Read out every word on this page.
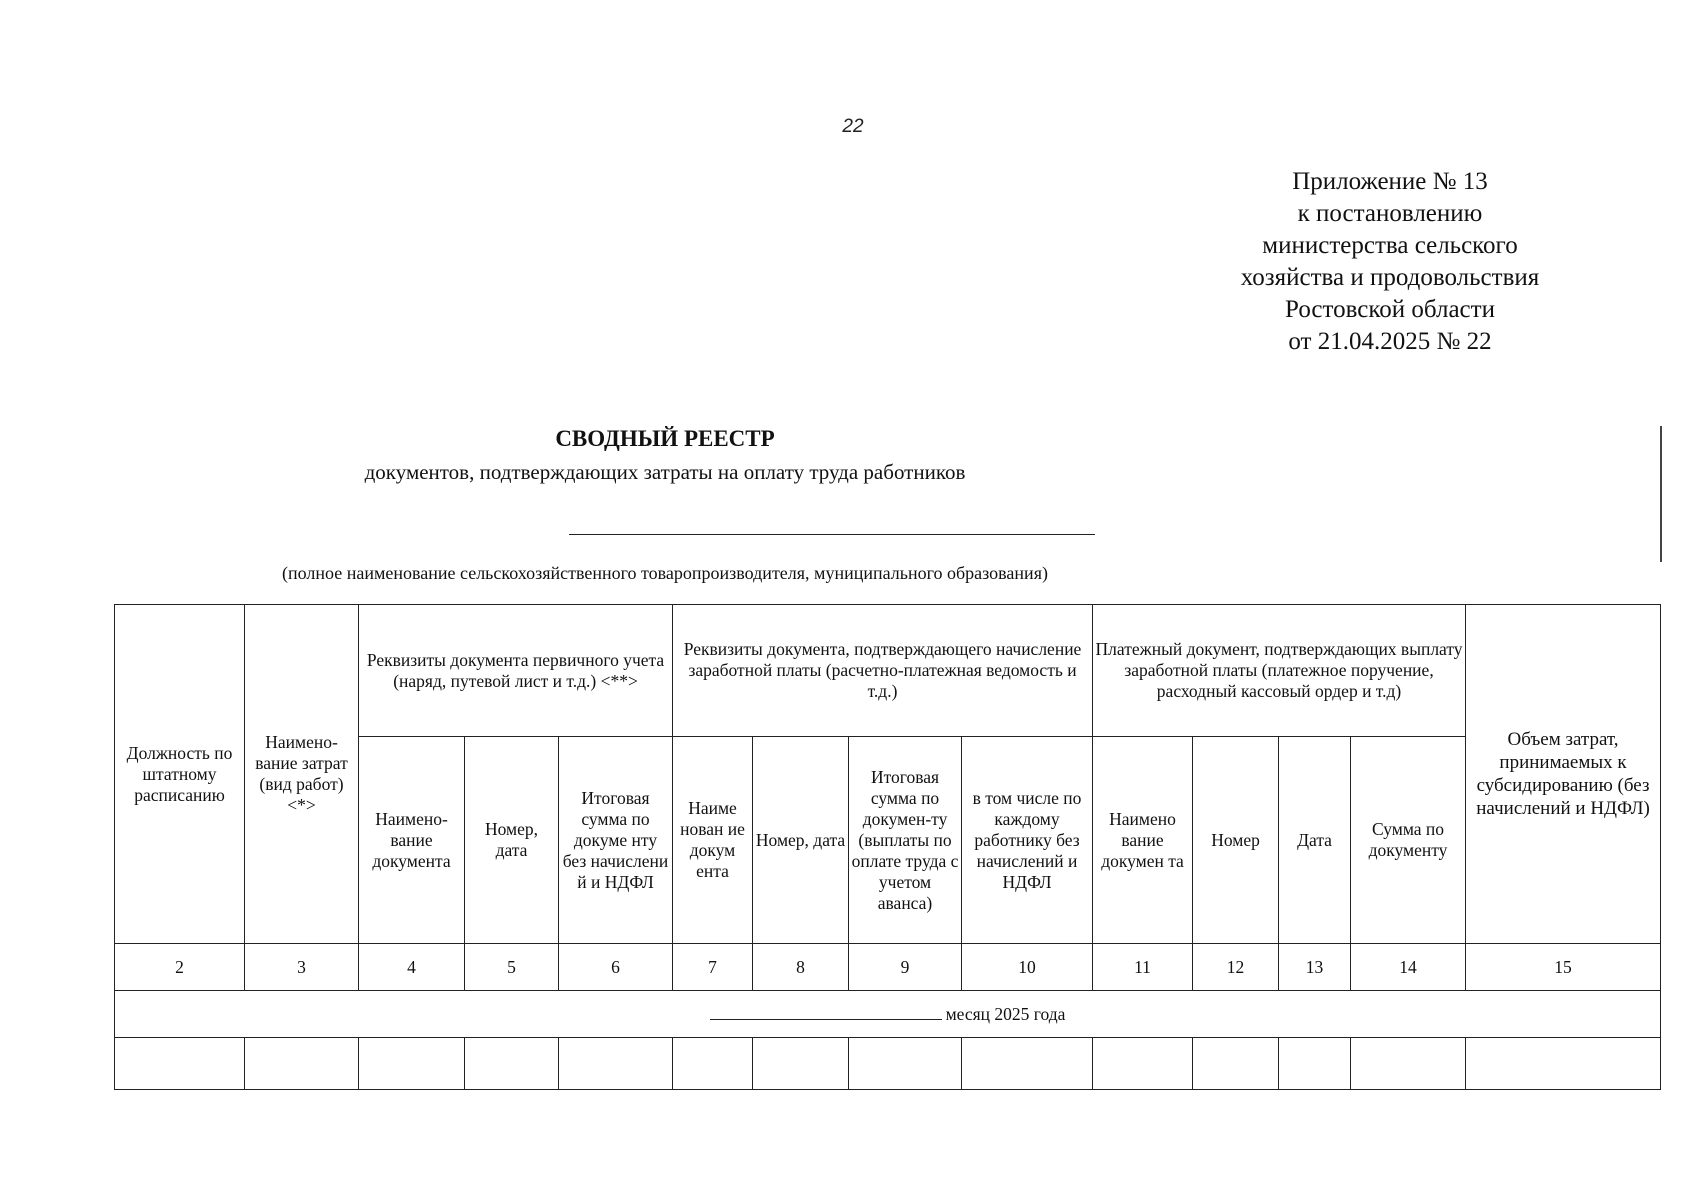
22
Приложение № 13
к постановлению
министерства сельского
хозяйства и продовольствия
Ростовской области
от 21.04.2025 № 22
СВОДНЫЙ РЕЕСТР
документов, подтверждающих затраты на оплату труда работников
(полное наименование сельскохозяйственного товаропроизводителя, муниципального образования)
Должность по штатному расписанию	Наимено-вание затрат (вид работ) <*>	Реквизиты документа первичного учета (наряд, путевой лист и т.д.) <**>			Реквизиты документа, подтверждающего начисление заработной платы (расчетно-платежная ведомость и т.д.)				Платежный документ, подтверждающих выплату заработной платы (платежное поручение, расходный кассовый ордер и т.д)				Объем затрат, принимаемых к субсидированию (без начислений и НДФЛ)
		Наимено-вание документа	Номер, дата	Итоговая сумма по докуме нту без начислени й и НДФЛ	Наиме нован ие докум ента	Номер, дата	Итоговая сумма по докумен-ту (выплаты по оплате труда с учетом аванса)	в том числе по каждому работнику без начислений и НДФЛ	Наимено вание докумен та	Номер	Дата	Сумма по документу	
2	3	4	5	6	7	8	9	10	11	12	13	14	15
месяц 2025 года													
